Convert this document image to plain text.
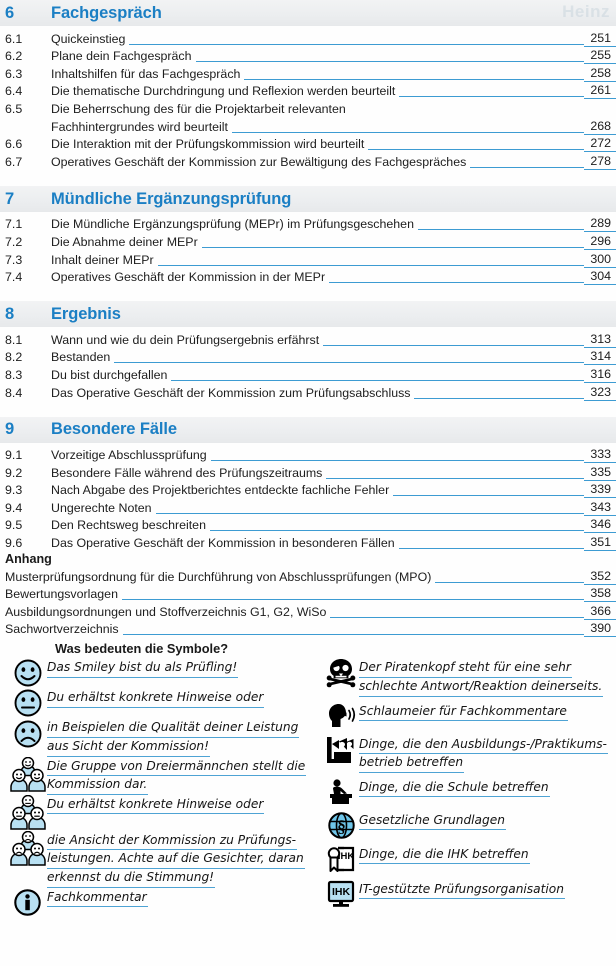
6	Fachgespräch	Heinz
6.1	Quickeinstieg	251
6.2	Plane dein Fachgespräch	255
6.3	Inhaltshilfen für das Fachgespräch	258
6.4	Die thematische Durchdringung und Reflexion werden beurteilt	261
6.5	Die Beherrschung des für die Projektarbeit relevanten
Fachhintergrundes wird beurteilt	268
6.6	Die Interaktion mit der Prüfungskommission wird beurteilt	272
6.7	Operatives Geschäft der Kommission zur Bewältigung des Fachgespräches	278
7	Mündliche Ergänzungsprüfung
7.1	Die Mündliche Ergänzungsprüfung (MEPr) im Prüfungsgeschehen	289
7.2	Die Abnahme deiner MEPr	296
7.3	Inhalt deiner MEPr	300
7.4	Operatives Geschäft der Kommission in der MEPr	304
8	Ergebnis
8.1	Wann und wie du dein Prüfungsergebnis erfährst	313
8.2	Bestanden	314
8.3	Du bist durchgefallen	316
8.4	Das Operative Geschäft der Kommission zum Prüfungsabschluss	323
9	Besondere Fälle
9.1	Vorzeitige Abschlussprüfung	333
9.2	Besondere Fälle während des Prüfungszeitraums	335
9.3	Nach Abgabe des Projektberichtes entdeckte fachliche Fehler	339
9.4	Ungerechte Noten	343
9.5	Den Rechtsweg beschreiten	346
9.6	Das Operative Geschäft der Kommission in besonderen Fällen	351
Anhang
Musterprüfungsordnung für die Durchführung von Abschlussprüfungen (MPO)	352
Bewertungsvorlagen	358
Ausbildungsordnungen und Stoffverzeichnis G1, G2, WiSo	366
Sachwortverzeichnis	390
Was bedeuten die Symbole?
Das Smiley bist du als Prüfling!
Du erhältst konkrete Hinweise oder
in Beispielen die Qualität deiner Leistung
aus Sicht der Kommission!
Die Gruppe von Dreiermännchen stellt die
Kommission dar.
Du erhältst konkrete Hinweise oder
die Ansicht der Kommission zu Prüfungs-
leistungen. Achte auf die Gesichter, daran
erkennst du die Stimmung!
Fachkommentar
Der Piratenkopf steht für eine sehr
schlechte Antwort/Reaktion deinerseits.
Schlaumeier für Fachkommentare
Dinge, die den Ausbildungs-/Praktikums-
betrieb betreffen
Dinge, die die Schule betreffen
§ Gesetzliche Grundlagen
IHK Dinge, die die IHK betreffen
IHK IT-gestützte Prüfungsorganisation
